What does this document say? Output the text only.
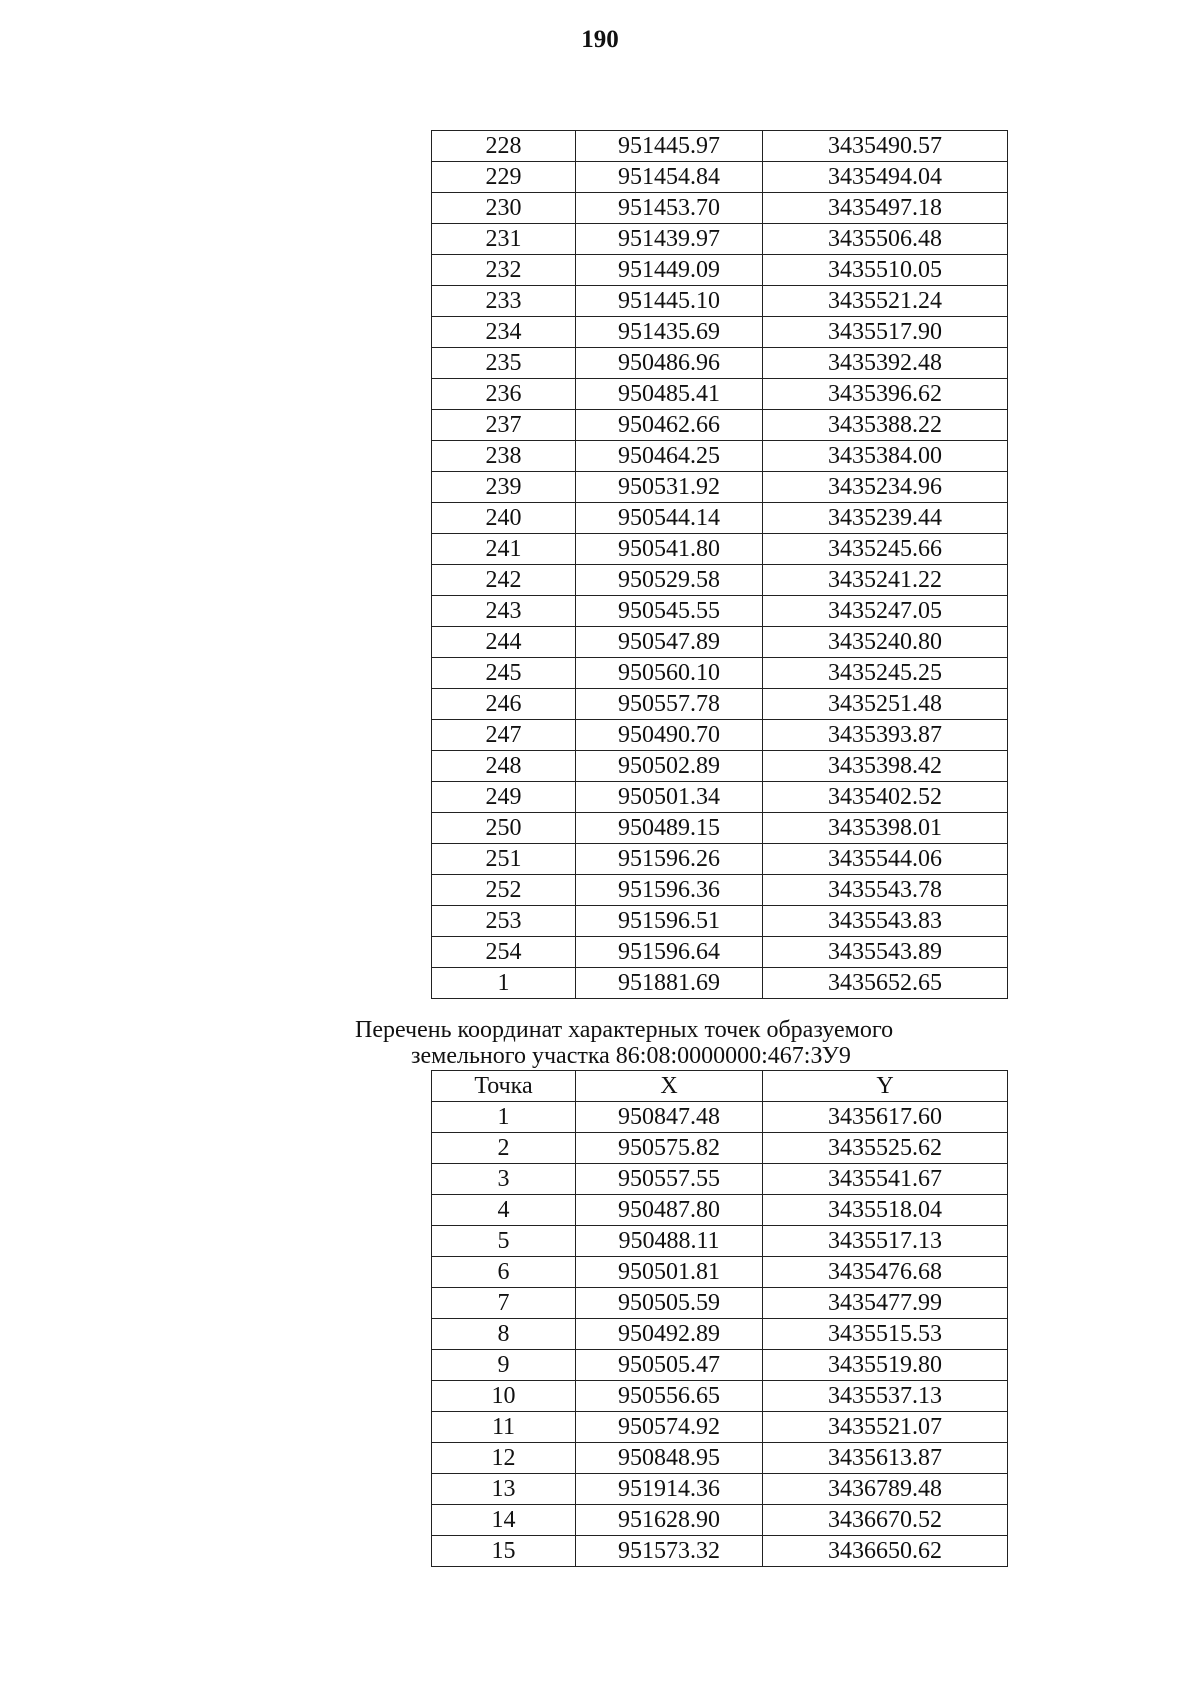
190
228	951445.97	3435490.57
229	951454.84	3435494.04
230	951453.70	3435497.18
231	951439.97	3435506.48
232	951449.09	3435510.05
233	951445.10	3435521.24
234	951435.69	3435517.90
235	950486.96	3435392.48
236	950485.41	3435396.62
237	950462.66	3435388.22
238	950464.25	3435384.00
239	950531.92	3435234.96
240	950544.14	3435239.44
241	950541.80	3435245.66
242	950529.58	3435241.22
243	950545.55	3435247.05
244	950547.89	3435240.80
245	950560.10	3435245.25
246	950557.78	3435251.48
247	950490.70	3435393.87
248	950502.89	3435398.42
249	950501.34	3435402.52
250	950489.15	3435398.01
251	951596.26	3435544.06
252	951596.36	3435543.78
253	951596.51	3435543.83
254	951596.64	3435543.89
1	951881.69	3435652.65
Перечень координат характерных точек образуемого
земельного участка 86:08:0000000:467:ЗУ9
Точка	X	Y
1	950847.48	3435617.60
2	950575.82	3435525.62
3	950557.55	3435541.67
4	950487.80	3435518.04
5	950488.11	3435517.13
6	950501.81	3435476.68
7	950505.59	3435477.99
8	950492.89	3435515.53
9	950505.47	3435519.80
10	950556.65	3435537.13
11	950574.92	3435521.07
12	950848.95	3435613.87
13	951914.36	3436789.48
14	951628.90	3436670.52
15	951573.32	3436650.62
